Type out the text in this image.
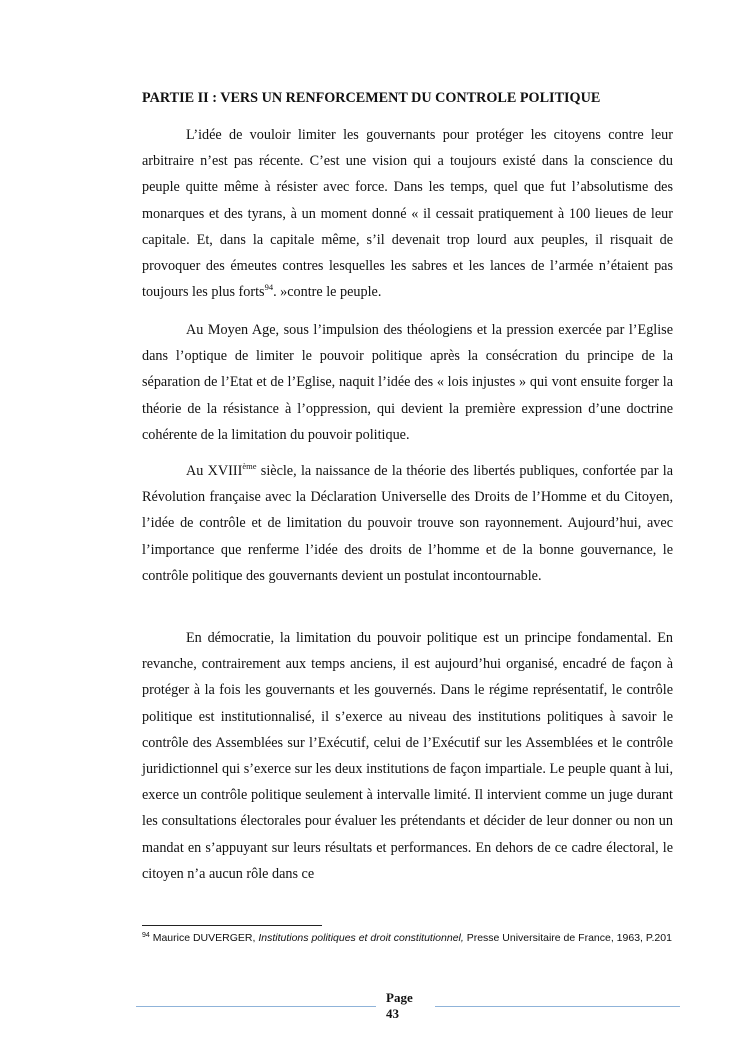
PARTIE II : VERS UN RENFORCEMENT DU CONTROLE POLITIQUE

L’idée de vouloir limiter les gouvernants pour protéger les citoyens contre leur arbitraire n’est pas récente. C’est une vision qui a toujours existé dans la conscience du peuple quitte même à résister avec force. Dans les temps, quel que fut l’absolutisme des monarques et des tyrans, à un moment donné « il cessait pratiquement à 100 lieues de leur capitale. Et, dans la capitale même, s’il devenait trop lourd aux peuples, il risquait de provoquer des émeutes contres lesquelles les sabres et les lances de l’armée n’étaient pas toujours les plus forts$^{94}$. »contre le peuple.

Au Moyen Age, sous l’impulsion des théologiens et la pression exercée par l’Eglise dans l’optique de limiter le pouvoir politique après la consécration du principe de la séparation de l’Etat et de l’Eglise, naquit l’idée des « lois injustes » qui vont ensuite forger la théorie de la résistance à l’oppression, qui devient la première expression d’une doctrine cohérente de la limitation du pouvoir politique.

Au XVIIIème siècle, la naissance de la théorie des libertés publiques, confortée par la Révolution française avec la Déclaration Universelle des Droits de l’Homme et du Citoyen, l’idée de contrôle et de limitation du pouvoir trouve son rayonnement. Aujourd’hui, avec l’importance que renferme l’idée des droits de l’homme et de la bonne gouvernance, le contrôle politique des gouvernants devient un postulat incontournable.

En démocratie, la limitation du pouvoir politique est un principe fondamental. En revanche, contrairement aux temps anciens, il est aujourd’hui organisé, encadré de façon à protéger à la fois les gouvernants et les gouvernés. Dans le régime représentatif, le contrôle politique est institutionnalisé, il s’exerce au niveau des institutions politiques à savoir le contrôle des Assemblées sur l’Exécutif, celui de l’Exécutif sur les Assemblées et le contrôle juridictionnel qui s’exerce sur les deux institutions de façon impartiale. Le peuple quant à lui, exerce un contrôle politique seulement à intervalle limité. Il intervient comme un juge durant les consultations électorales pour évaluer les prétendants et décider de leur donner ou non un mandat en s’appuyant sur leurs résultats et performances. En dehors de ce cadre électoral, le citoyen n’a aucun rôle dans ce

$^{94}$ Maurice DUVERGER, Institutions politiques et droit constitutionnel, Presse Universitaire de France, 1963, P.201

Page
43
